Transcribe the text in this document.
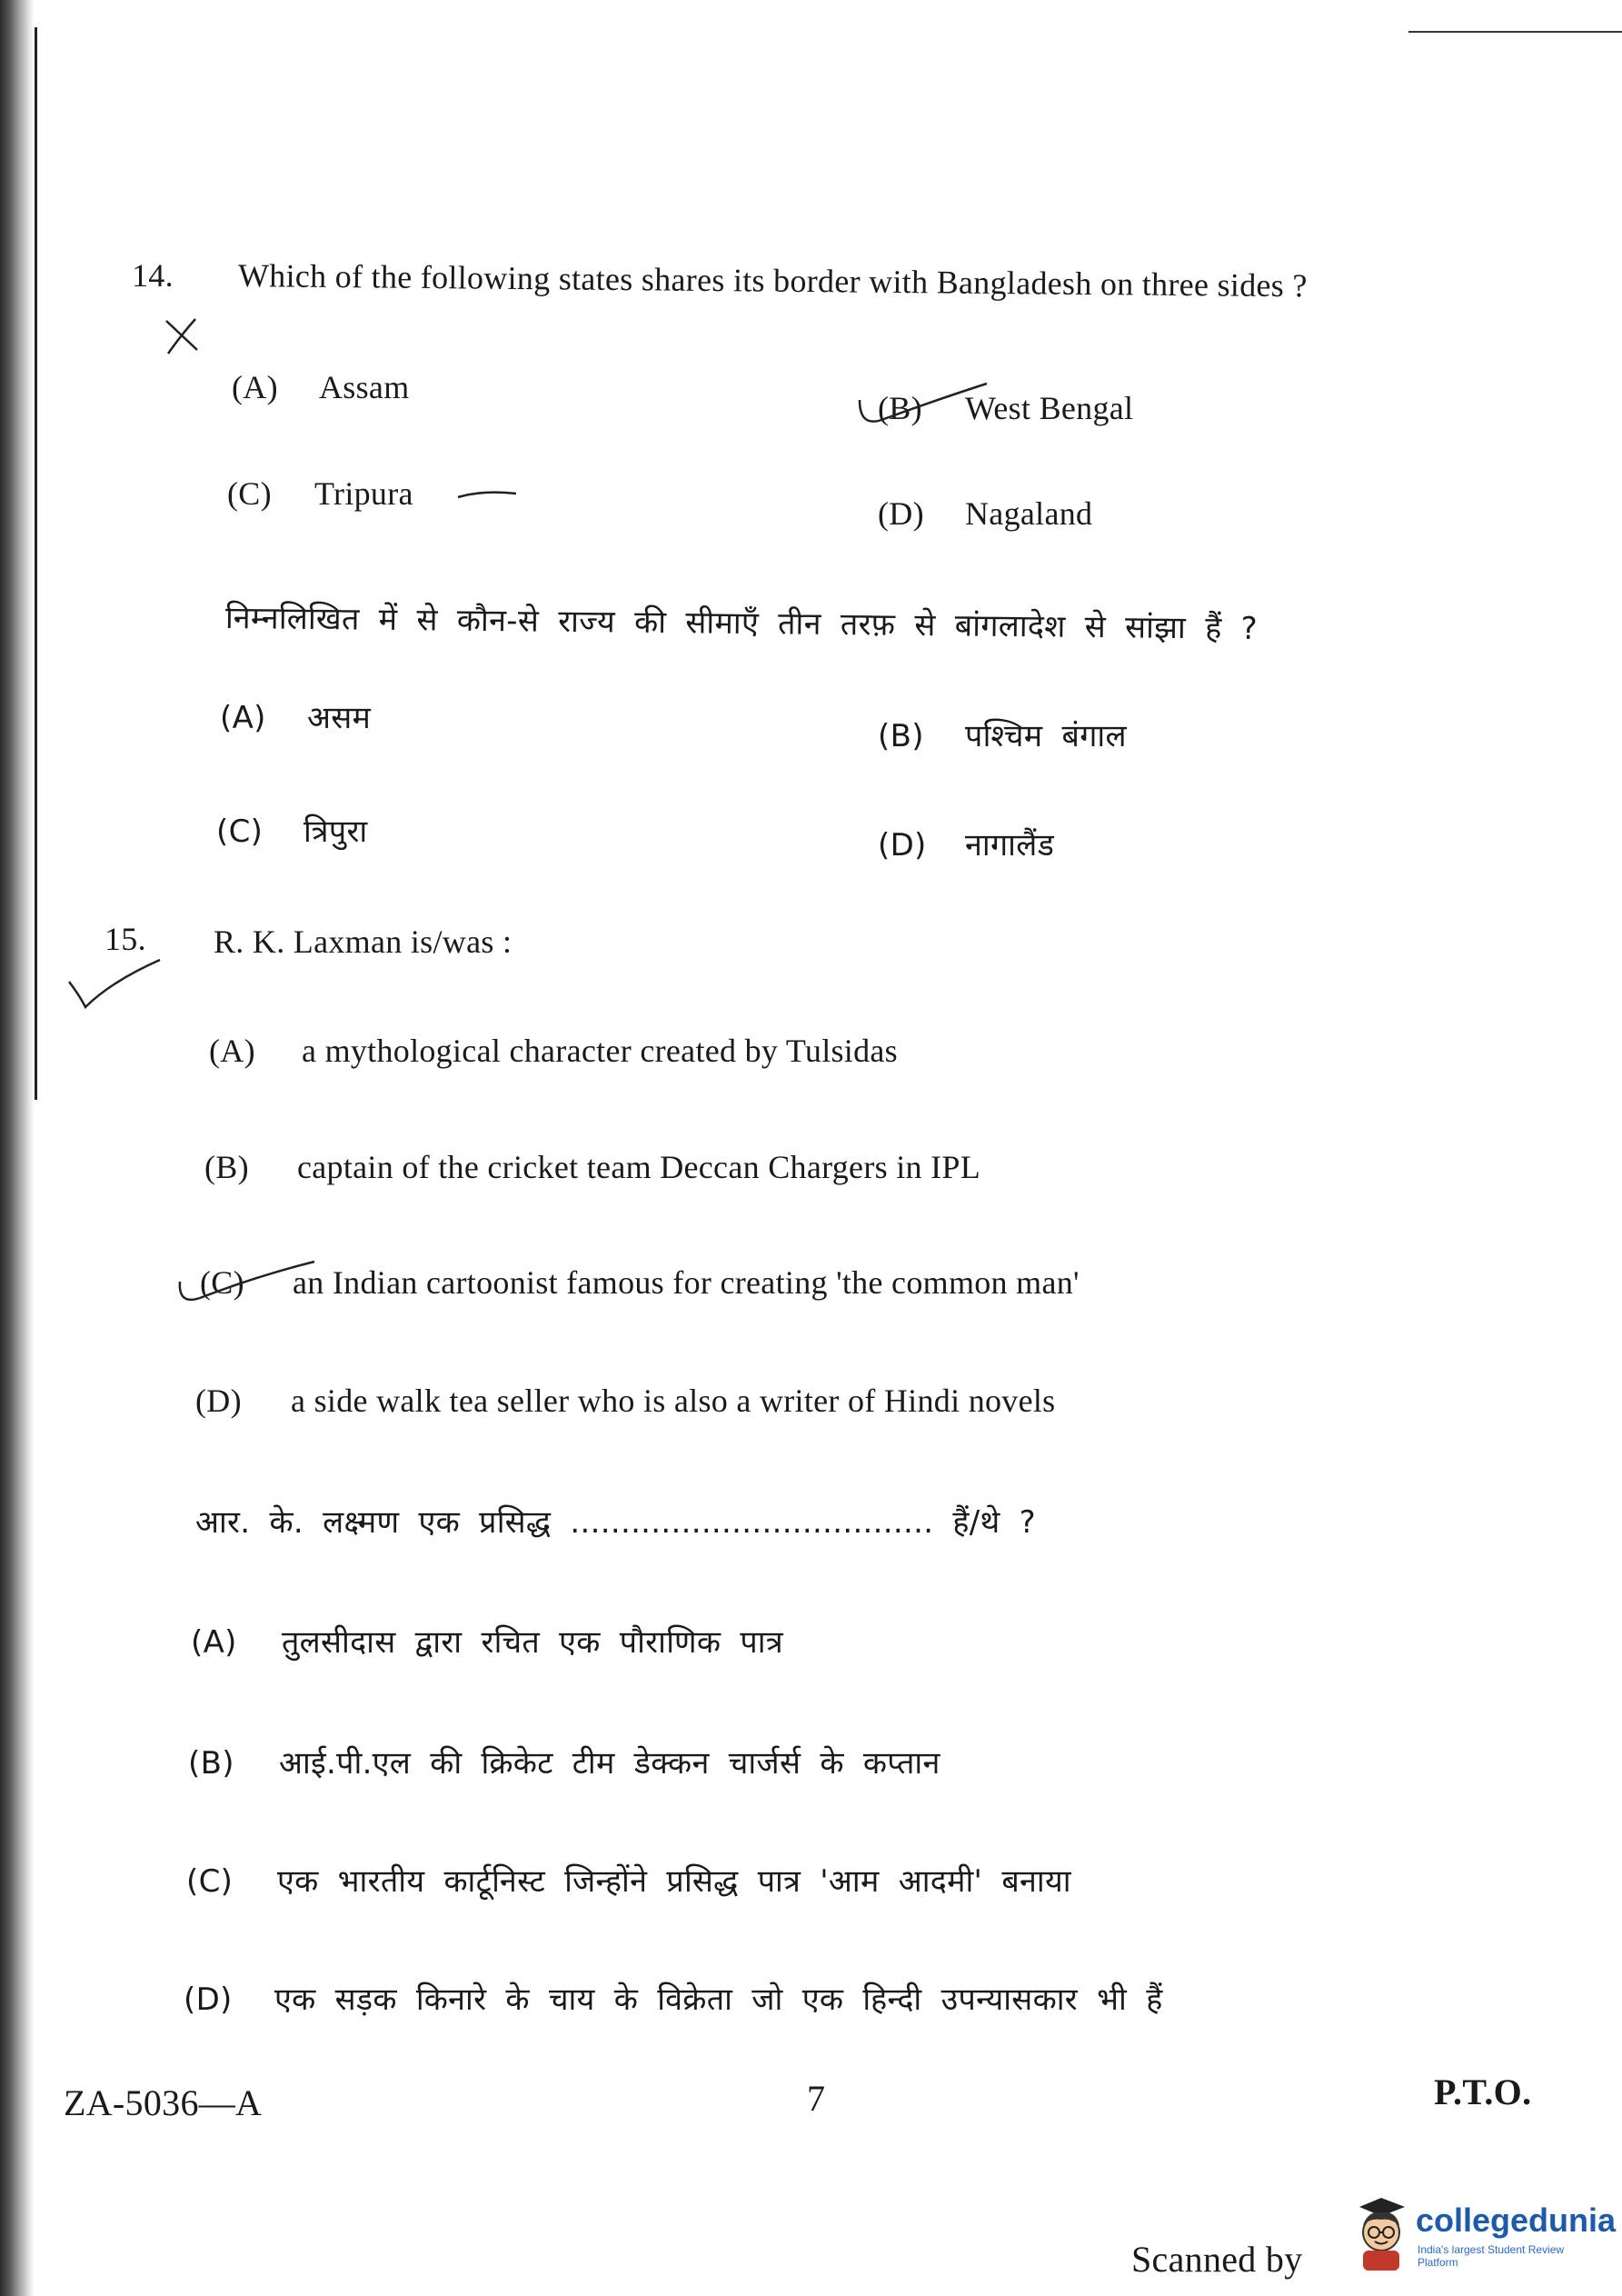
14. Which of the following states shares its border with Bangladesh on three sides ?
(A) Assam
(B) West Bengal
(C) Tripura
(D) Nagaland
निम्नलिखित में से कौन-से राज्य की सीमाएँ तीन तरफ़ से बांगलादेश से सांझा हैं ?
(A) असम	(B) पश्चिम बंगाल
(C) त्रिपुरा	(D) नागालैंड
15. R. K. Laxman is/was :
(A) a mythological character created by Tulsidas
(B) captain of the cricket team Deccan Chargers in IPL
(C) an Indian cartoonist famous for creating 'the common man'
(D) a side walk tea seller who is also a writer of Hindi novels
आर. के. लक्ष्मण एक प्रसिद्ध .................................... हैं/थे ?
(A) तुलसीदास द्वारा रचित एक पौराणिक पात्र
(B) आई.पी.एल की क्रिकेट टीम डेक्कन चार्जर्स के कप्तान
(C) एक भारतीय कार्टूनिस्ट जिन्होंने प्रसिद्ध पात्र 'आम आदमी' बनाया
(D) एक सड़क किनारे के चाय के विक्रेता जो एक हिन्दी उपन्यासकार भी हैं
ZA-5036—A	7	P.T.O.
Scanned by
collegedunia
India's largest Student Review Platform
